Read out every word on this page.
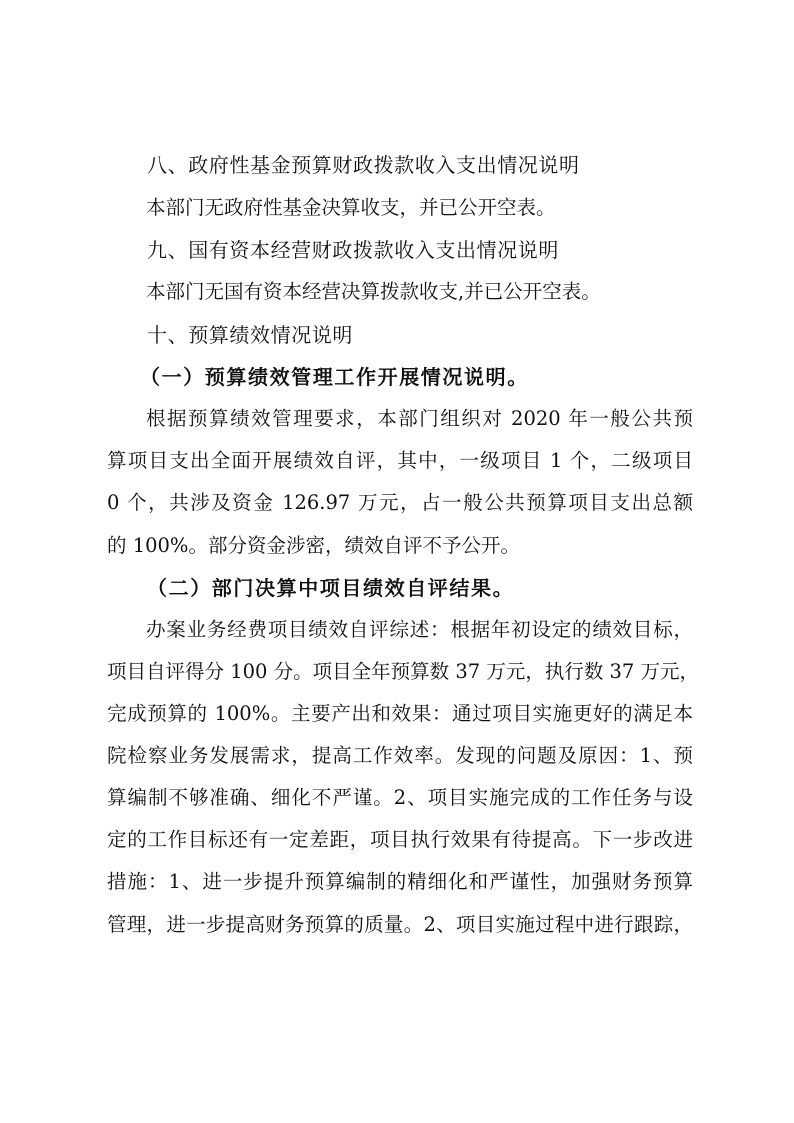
八、政府性基金预算财政拨款收入支出情况说明
本部门无政府性基金决算收支，并已公开空表。
九、国有资本经营财政拨款收入支出情况说明
本部门无国有资本经营决算拨款收支,并已公开空表。
十、预算绩效情况说明
（一）预算绩效管理工作开展情况说明。
根据预算绩效管理要求，本部门组织对 2020 年一般公共预
算项目支出全面开展绩效自评，其中，一级项目 1 个，二级项目
0 个，共涉及资金 126.97 万元，占一般公共预算项目支出总额
的 100%。部分资金涉密，绩效自评不予公开。
（二）部门决算中项目绩效自评结果。
办案业务经费项目绩效自评综述：根据年初设定的绩效目标，
项目自评得分 100 分。项目全年预算数 37 万元，执行数 37 万元，
完成预算的 100%。主要产出和效果：通过项目实施更好的满足本
院检察业务发展需求，提高工作效率。发现的问题及原因：1、预
算编制不够准确、细化不严谨。2、项目实施完成的工作任务与设
定的工作目标还有一定差距，项目执行效果有待提高。下一步改进
措施：1、进一步提升预算编制的精细化和严谨性，加强财务预算
管理，进一步提高财务预算的质量。2、项目实施过程中进行跟踪，
